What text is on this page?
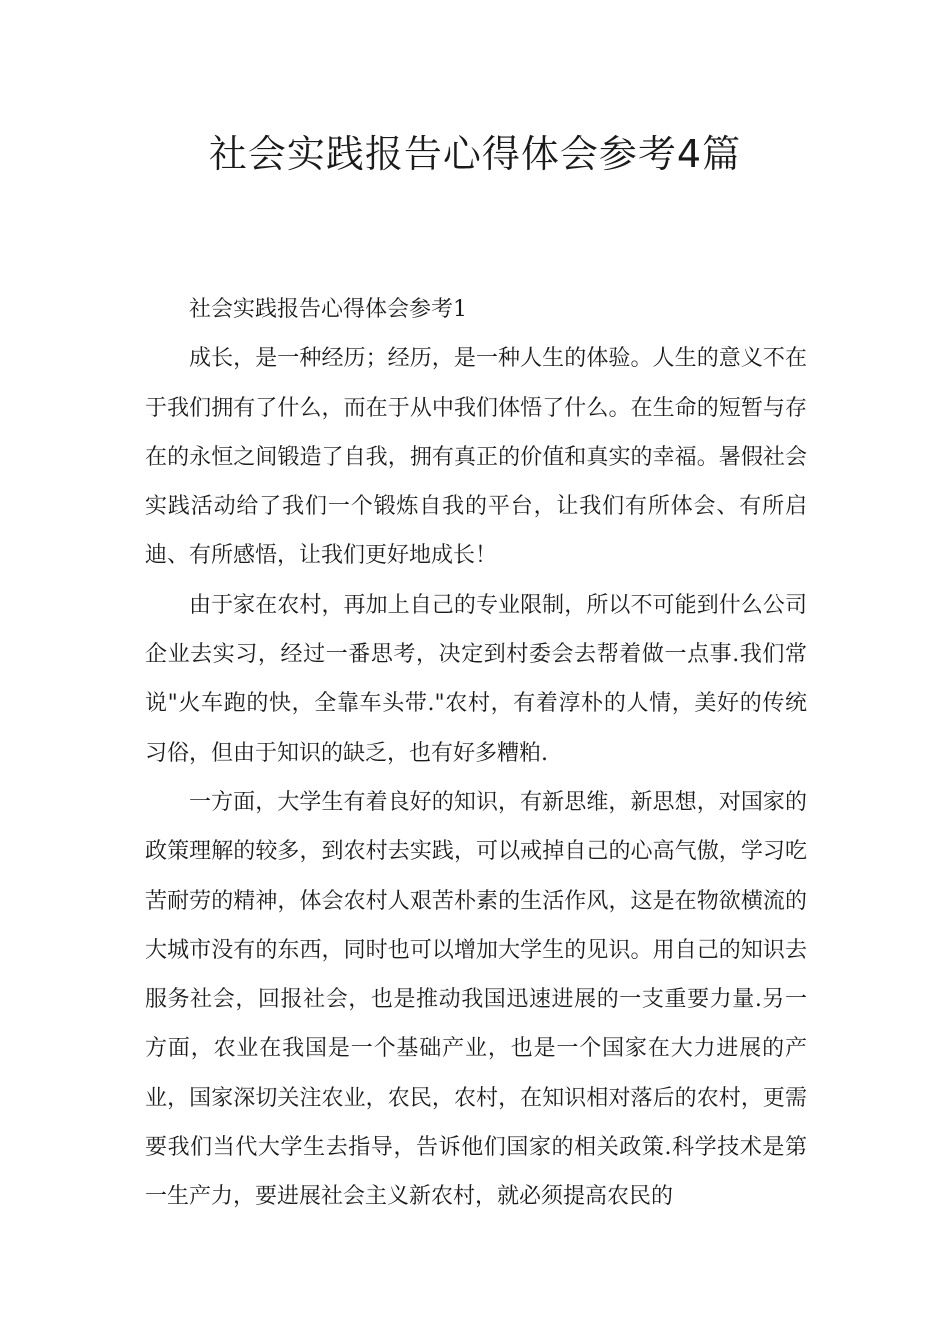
社会实践报告心得体会参考4篇

社会实践报告心得体会参考1

成长，是一种经历；经历，是一种人生的体验。人生的意义不在于我们拥有了什么，而在于从中我们体悟了什么。在生命的短暂与存在的永恒之间锻造了自我，拥有真正的价值和真实的幸福。暑假社会实践活动给了我们一个锻炼自我的平台，让我们有所体会、有所启迪、有所感悟，让我们更好地成长！

由于家在农村，再加上自己的专业限制，所以不可能到什么公司企业去实习，经过一番思考，决定到村委会去帮着做一点事.我们常说"火车跑的快，全靠车头带."农村，有着淳朴的人情，美好的传统习俗，但由于知识的缺乏，也有好多糟粕.

一方面，大学生有着良好的知识，有新思维，新思想，对国家的政策理解的较多，到农村去实践，可以戒掉自己的心高气傲，学习吃苦耐劳的精神，体会农村人艰苦朴素的生活作风，这是在物欲横流的大城市没有的东西，同时也可以增加大学生的见识。用自己的知识去服务社会，回报社会，也是推动我国迅速进展的一支重要力量.另一方面，农业在我国是一个基础产业，也是一个国家在大力进展的产业，国家深切关注农业，农民，农村，在知识相对落后的农村，更需要我们当代大学生去指导，告诉他们国家的相关政策.科学技术是第一生产力，要进展社会主义新农村，就必须提高农民的
